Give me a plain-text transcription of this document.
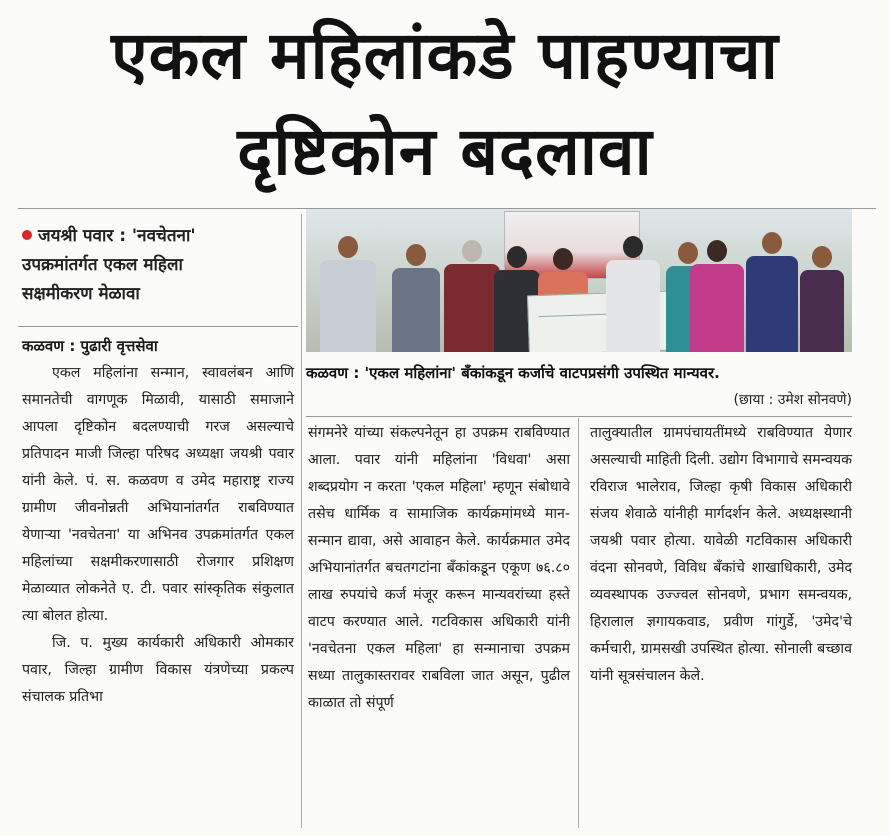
एकल महिलांकडे पाहण्याचा
दृष्टिकोन बदलावा
जयश्री पवार : 'नवचेतना'
उपक्रमांतर्गत एकल महिला
सक्षमीकरण मेळावा
कळवण : पुढारी वृत्तसेवा

एकल महिलांना सन्मान, स्वावलंबन आणि समानतेची वागणूक मिळावी, यासाठी समाजाने आपला दृष्टिकोन बदलण्याची गरज असल्याचे प्रतिपादन माजी जिल्हा परिषद अध्यक्षा जयश्री पवार यांनी केले. पं. स. कळवण व उमेद महाराष्ट्र राज्य ग्रामीण जीवनोन्नती अभियानांतर्गत राबविण्यात येणाऱ्या 'नवचेतना' या अभिनव उपक्रमांतर्गत एकल महिलांच्या सक्षमीकरणासाठी रोजगार प्रशिक्षण मेळाव्यात लोकनेते ए. टी. पवार सांस्कृतिक संकुलात त्या बोलत होत्या.

जि. प. मुख्य कार्यकारी अधिकारी ओमकार पवार, जिल्हा ग्रामीण विकास यंत्रणेच्या प्रकल्प संचालक प्रतिभा

कळवण : 'एकल महिलांना' बँकांकडून कर्जाचे वाटपप्रसंगी उपस्थित मान्यवर.
(छाया : उमेश सोनवणे)

संगमनेरे यांच्या संकल्पनेतून हा उपक्रम राबविण्यात आला. पवार यांनी महिलांना 'विधवा' असा शब्दप्रयोग न करता 'एकल महिला' म्हणून संबोधावे तसेच धार्मिक व सामाजिक कार्यक्रमांमध्ये मान-सन्मान द्यावा, असे आवाहन केले. कार्यक्रमात उमेद अभियानांतर्गत बचतगटांना बँकांकडून एकूण ७६.८० लाख रुपयांचे कर्ज मंजूर करून मान्यवरांच्या हस्ते वाटप करण्यात आले. गटविकास अधिकारी यांनी 'नवचेतना एकल महिला' हा सन्मानाचा उपक्रम सध्या तालुकास्तरावर राबविला जात असून, पुढील काळात तो संपूर्ण

तालुक्यातील ग्रामपंचायतींमध्ये राबविण्यात येणार असल्याची माहिती दिली. उद्योग विभागाचे समन्वयक रविराज भालेराव, जिल्हा कृषी विकास अधिकारी संजय शेवाळे यांनीही मार्गदर्शन केले. अध्यक्षस्थानी जयश्री पवार होत्या. यावेळी गटविकास अधिकारी वंदना सोनवणे, विविध बँकांचे शाखाधिकारी, उमेद व्यवस्थापक उज्ज्वल सोनवणे, प्रभाग समन्वयक, हिरालाल ज्ञगायकवाड, प्रवीण गांगुर्डे, 'उमेद'चे कर्मचारी, ग्रामसखी उपस्थित होत्या. सोनाली बच्छाव यांनी सूत्रसंचालन केले.
